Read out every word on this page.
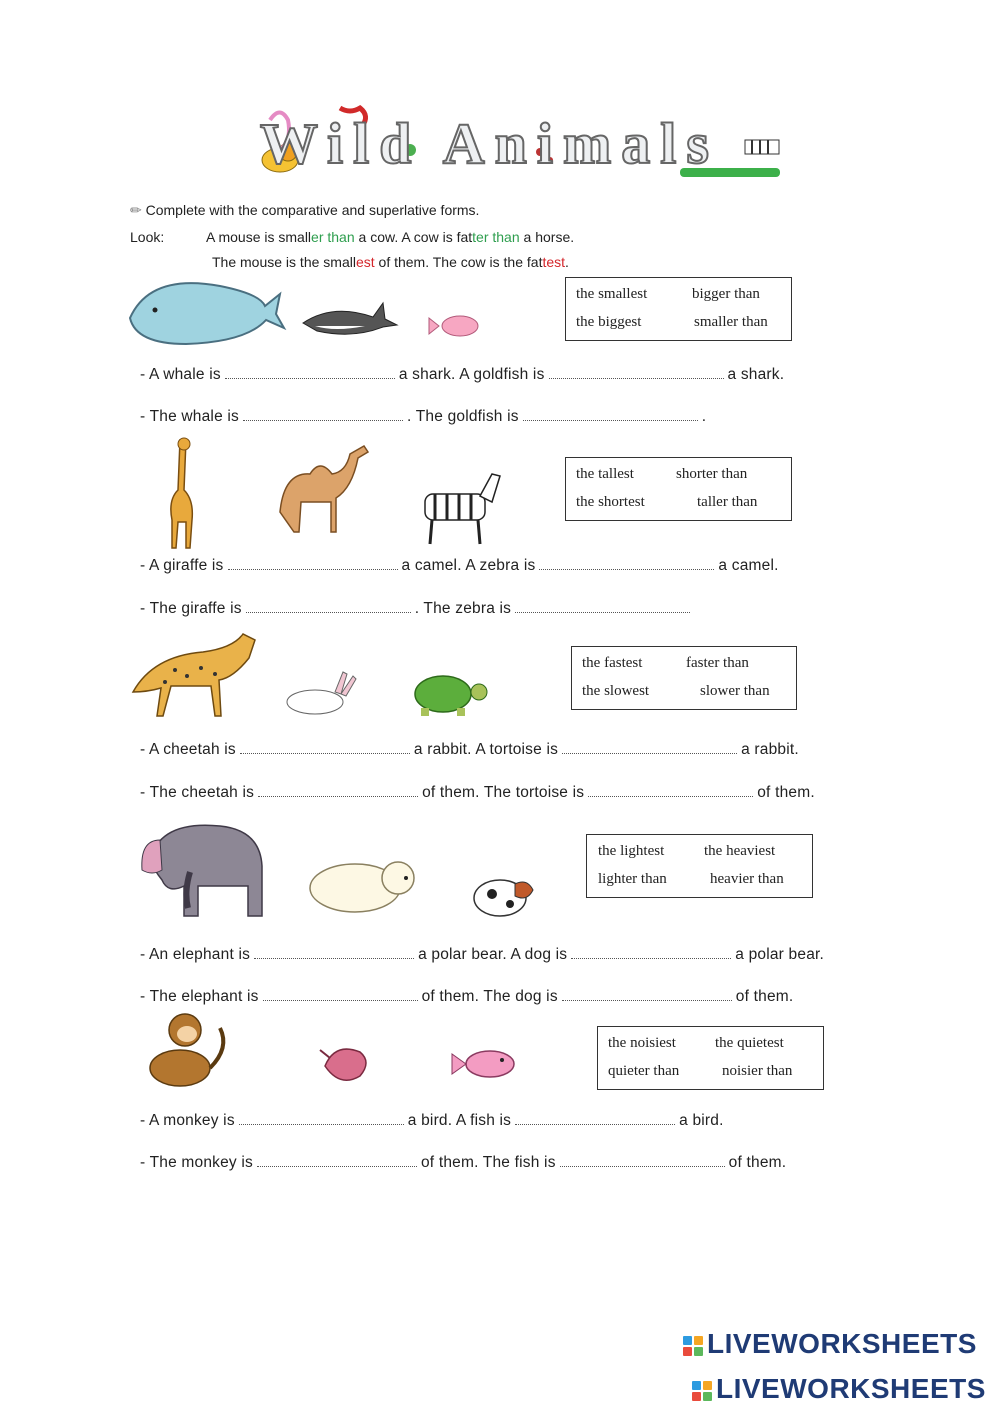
Wild Animals
✏ Complete with the comparative and superlative forms.
Look:	A mouse is smaller than a cow. A cow is fatter than a horse.
The mouse is the smallest of them. The cow is the fattest.
the smallest	bigger than
the biggest	smaller than
- A whale is	a shark. A goldfish is	a shark.
- The whale is	. The goldfish is	.
the tallest	shorter than
the shortest	taller than
- A giraffe is	a camel. A zebra is	a camel.
- The giraffe is	. The zebra is
the fastest	faster than
the slowest	slower than
- A cheetah is	a rabbit. A tortoise is	a rabbit.
- The cheetah is	of them. The tortoise is	of them.
the lightest	the heaviest
lighter than	heavier than
- An elephant is	a polar bear. A dog is	a polar bear.
- The elephant is	of them. The dog is	of them.
the noisiest	the quietest
quieter than	noisier than
- A monkey is	a bird. A fish is	a bird.
- The monkey is	of them. The fish is	of them.
LIVEWORKSHEETS
LIVEWORKSHEETS
